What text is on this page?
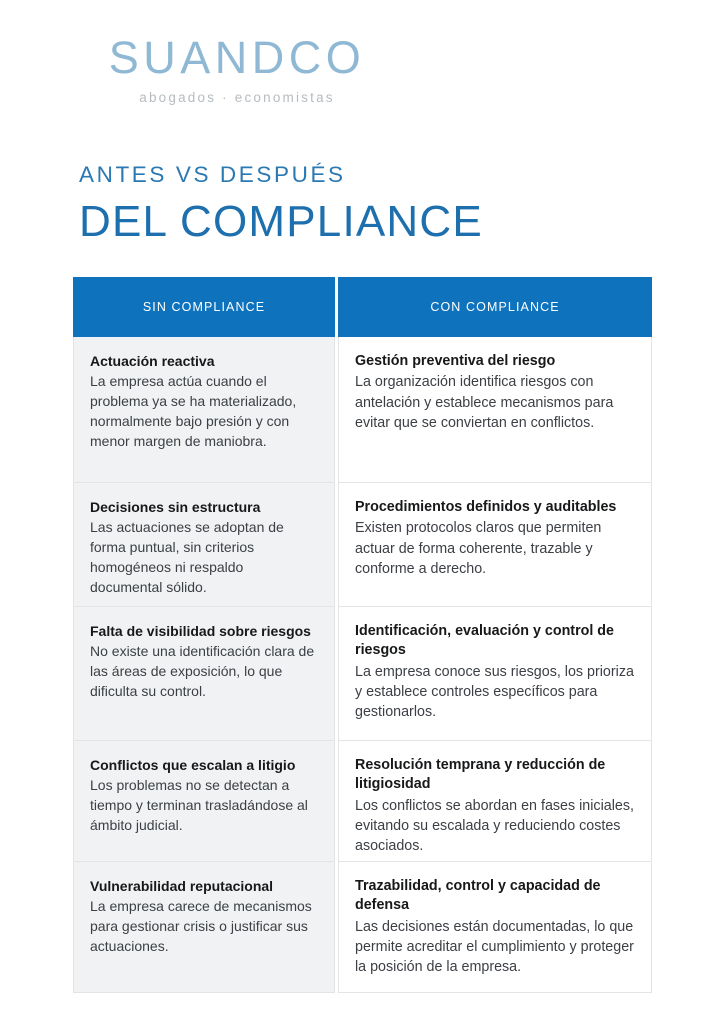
SUANDCO
abogados · economistas
ANTES VS DESPUÉS
DEL COMPLIANCE
SIN COMPLIANCE
Actuación reactiva
La empresa actúa cuando el problema ya se ha materializado, normalmente bajo presión y con menor margen de maniobra.
Decisiones sin estructura
Las actuaciones se adoptan de forma puntual, sin criterios homogéneos ni respaldo documental sólido.
Falta de visibilidad sobre riesgos
No existe una identificación clara de las áreas de exposición, lo que dificulta su control.
Conflictos que escalan a litigio
Los problemas no se detectan a tiempo y terminan trasladándose al ámbito judicial.
Vulnerabilidad reputacional
La empresa carece de mecanismos para gestionar crisis o justificar sus actuaciones.
CON COMPLIANCE
Gestión preventiva del riesgo
La organización identifica riesgos con antelación y establece mecanismos para evitar que se conviertan en conflictos.
Procedimientos definidos y auditables
Existen protocolos claros que permiten actuar de forma coherente, trazable y conforme a derecho.
Identificación, evaluación y control de riesgos
La empresa conoce sus riesgos, los prioriza y establece controles específicos para gestionarlos.
Resolución temprana y reducción de litigiosidad
Los conflictos se abordan en fases iniciales, evitando su escalada y reduciendo costes asociados.
Trazabilidad, control y capacidad de defensa
Las decisiones están documentadas, lo que permite acreditar el cumplimiento y proteger la posición de la empresa.
